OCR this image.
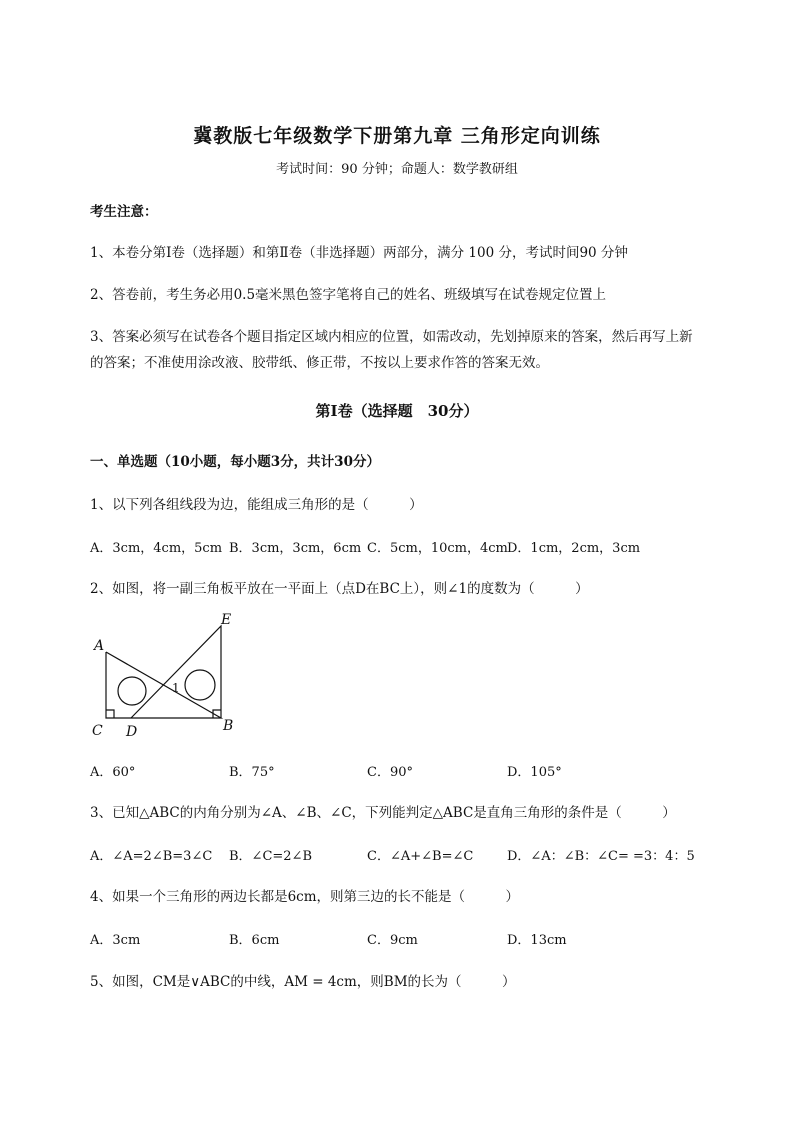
冀教版七年级数学下册第九章 三角形定向训练
考试时间：90 分钟；命题人：数学教研组
考生注意：
1、本卷分第Ⅰ卷（选择题）和第Ⅱ卷（非选择题）两部分，满分 100 分，考试时间90 分钟
2、答卷前，考生务必用0.5毫米黑色签字笔将自己的姓名、班级填写在试卷规定位置上
3、答案必须写在试卷各个题目指定区域内相应的位置，如需改动，先划掉原来的答案，然后再写上新
的答案；不准使用涂改液、胶带纸、修正带，不按以上要求作答的答案无效。
第Ⅰ卷（选择题　30分）
一、单选题（10小题，每小题3分，共计30分）
1、以下列各组线段为边，能组成三角形的是（　　　）
A．3cm，4cm，5cm B．3cm，3cm，6cm C．5cm，10cm，4cm D．1cm，2cm，3cm
2、如图，将一副三角板平放在一平面上（点D在BC上），则∠1的度数为（　　　）
A
E
C D	B
1
A．60°	B．75°	C．90°	D．105°
3、已知△ABC的内角分别为∠A、∠B、∠C，下列能判定△ABC是直角三角形的条件是（　　　）
A．∠A=2∠B=3∠C B．∠C=2∠B	C．∠A+∠B=∠C	D．∠A：∠B：∠C= =3：4：5
4、如果一个三角形的两边长都是6cm，则第三边的长不能是（　　　）
A．3cm	B．6cm	C．9cm	D．13cm
5、如图，CM是∨ABC的中线，AM = 4cm，则BM的长为（　　　）
